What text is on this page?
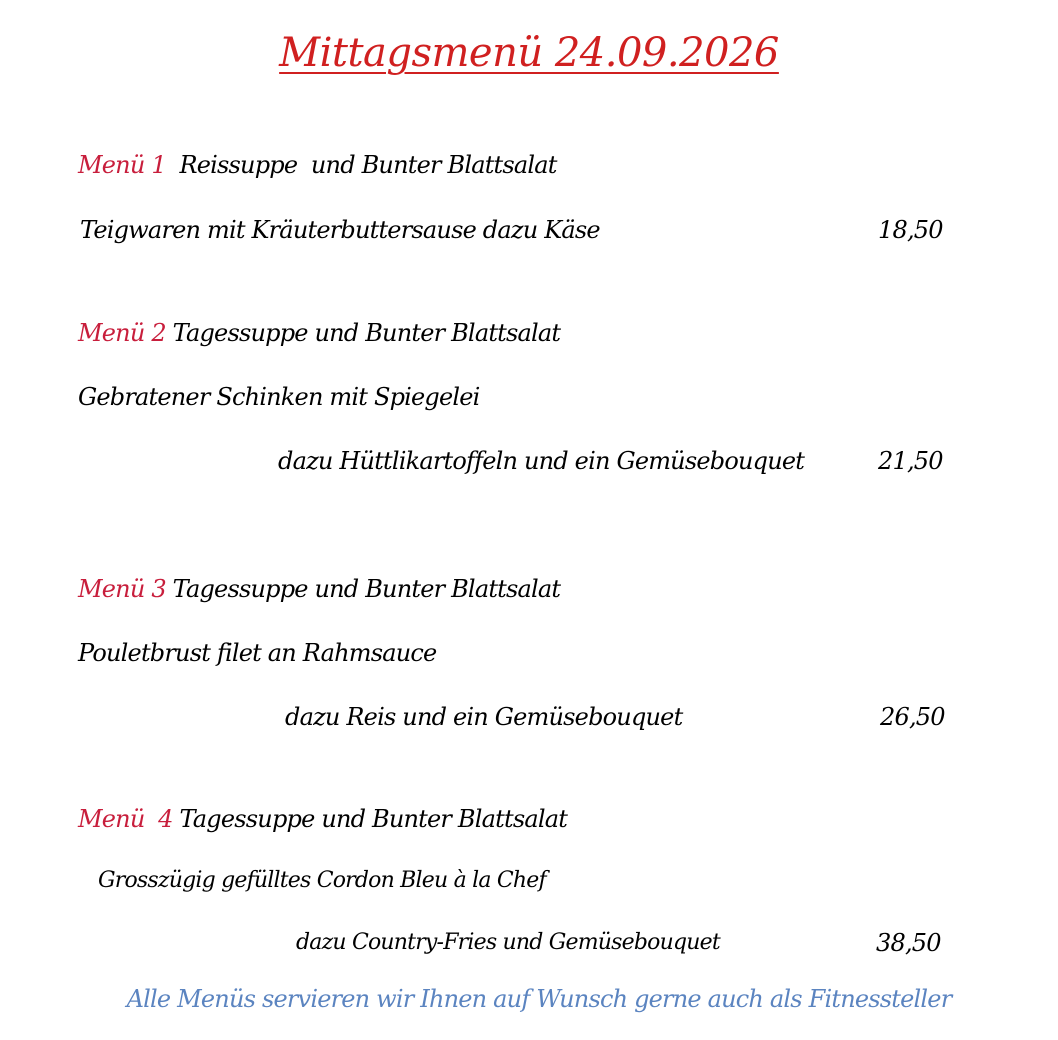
Mittagsmenü 24.09.2026
Menü 1  Reissuppe  und Bunter Blattsalat
Teigwaren mit Kräuterbuttersause dazu Käse	18,50
Menü 2 Tagessuppe und Bunter Blattsalat
Gebratener Schinken mit Spiegelei
dazu Hüttlikartoffeln und ein Gemüsebouquet	21,50
Menü 3 Tagessuppe und Bunter Blattsalat
Pouletbrust filet an Rahmsauce
dazu Reis und ein Gemüsebouquet	26,50
Menü  4 Tagessuppe und Bunter Blattsalat
Grosszügig gefülltes Cordon Bleu à la Chef
dazu Country-Fries und Gemüsebouquet	38,50
Alle Menüs servieren wir Ihnen auf Wunsch gerne auch als Fitnessteller
